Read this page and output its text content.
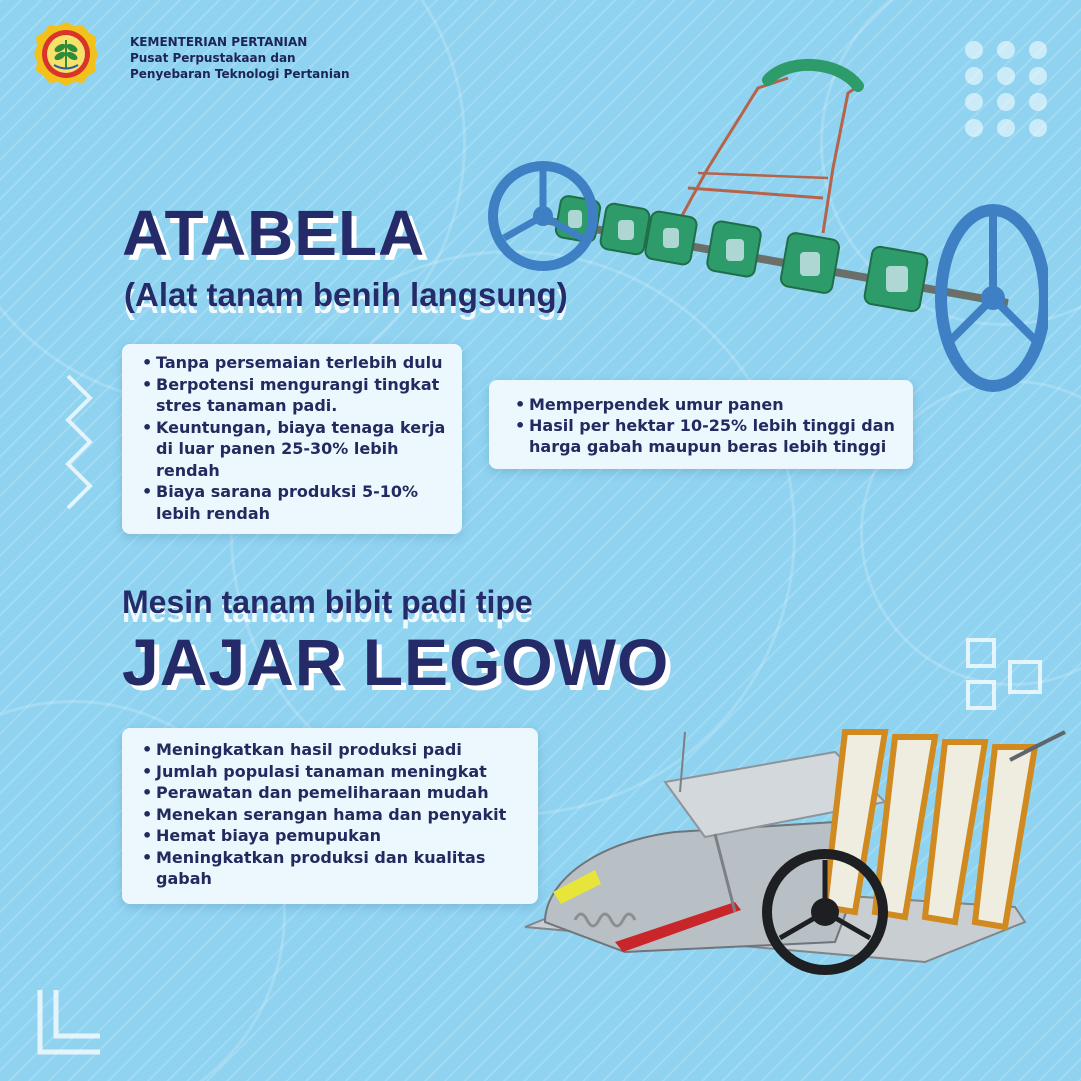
KEMENTERIAN PERTANIAN
Pusat Perpustakaan dan
Penyebaran Teknologi Pertanian
ATABELA
(Alat tanam benih langsung)
• Tanpa persemaian terlebih dulu
• Berpotensi mengurangi tingkat stres tanaman padi.
• Keuntungan, biaya tenaga kerja di luar panen 25-30% lebih rendah
• Biaya sarana produksi 5-10% lebih rendah
• Memperpendek umur panen
• Hasil per hektar 10-25% lebih tinggi dan harga gabah maupun beras lebih tinggi
Mesin tanam bibit padi tipe
JAJAR LEGOWO
• Meningkatkan hasil produksi padi
• Jumlah populasi tanaman meningkat
• Perawatan dan pemeliharaan mudah
• Menekan serangan hama dan penyakit
• Hemat biaya pemupukan
• Meningkatkan produksi dan kualitas gabah
